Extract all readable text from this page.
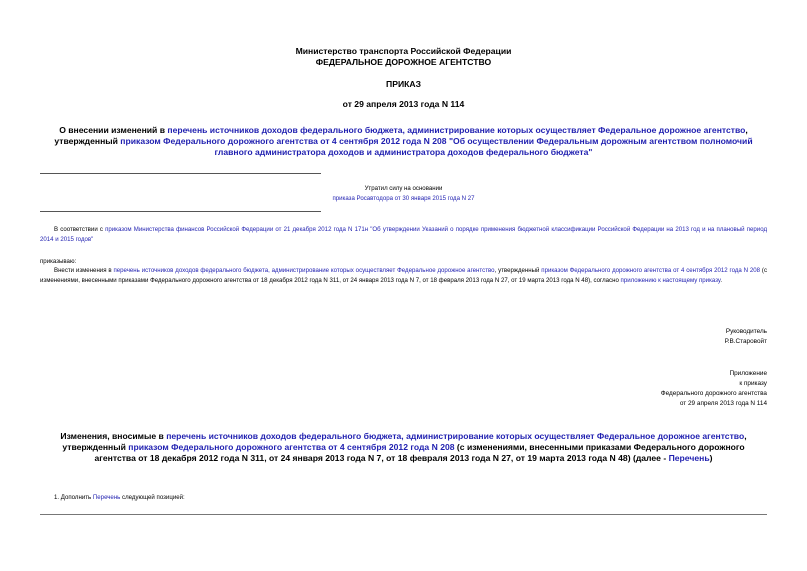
Министерство транспорта Российской Федерации
ФЕДЕРАЛЬНОЕ ДОРОЖНОЕ АГЕНТСТВО
ПРИКАЗ
от 29 апреля 2013 года N 114
О внесении изменений в перечень источников доходов федерального бюджета, администрирование которых осуществляет Федеральное дорожное агентство, утвержденный приказом Федерального дорожного агентства от 4 сентября 2012 года N 208 "Об осуществлении Федеральным дорожным агентством полномочий главного администратора доходов и администратора доходов федерального бюджета"
Утратил силу на основании
приказа Росавтодора от 30 января 2015 года N 27
В соответствии с приказом Министерства финансов Российской Федерации от 21 декабря 2012 года N 171н "Об утверждении Указаний о порядке применения бюджетной классификации Российской Федерации на 2013 год и на плановый период 2014 и 2015 годов"
приказываю:
Внести изменения в перечень источников доходов федерального бюджета, администрирование которых осуществляет Федеральное дорожное агентство, утвержденный приказом Федерального дорожного агентства от 4 сентября 2012 года N 208 (с изменениями, внесенными приказами Федерального дорожного агентства от 18 декабря 2012 года N 311, от 24 января 2013 года N 7, от 18 февраля 2013 года N 27, от 19 марта 2013 года N 48), согласно приложению к настоящему приказу.
Руководитель
Р.В.Старовойт
Приложение
к приказу
Федерального дорожного агентства
от 29 апреля 2013 года N 114
Изменения, вносимые в перечень источников доходов федерального бюджета, администрирование которых осуществляет Федеральное дорожное агентство, утвержденный приказом Федерального дорожного агентства от 4 сентября 2012 года N 208 (с изменениями, внесенными приказами Федерального дорожного агентства от 18 декабря 2012 года N 311, от 24 января 2013 года N 7, от 18 февраля 2013 года N 27, от 19 марта 2013 года N 48) (далее - Перечень)
1. Дополнить Перечень следующей позицией:
